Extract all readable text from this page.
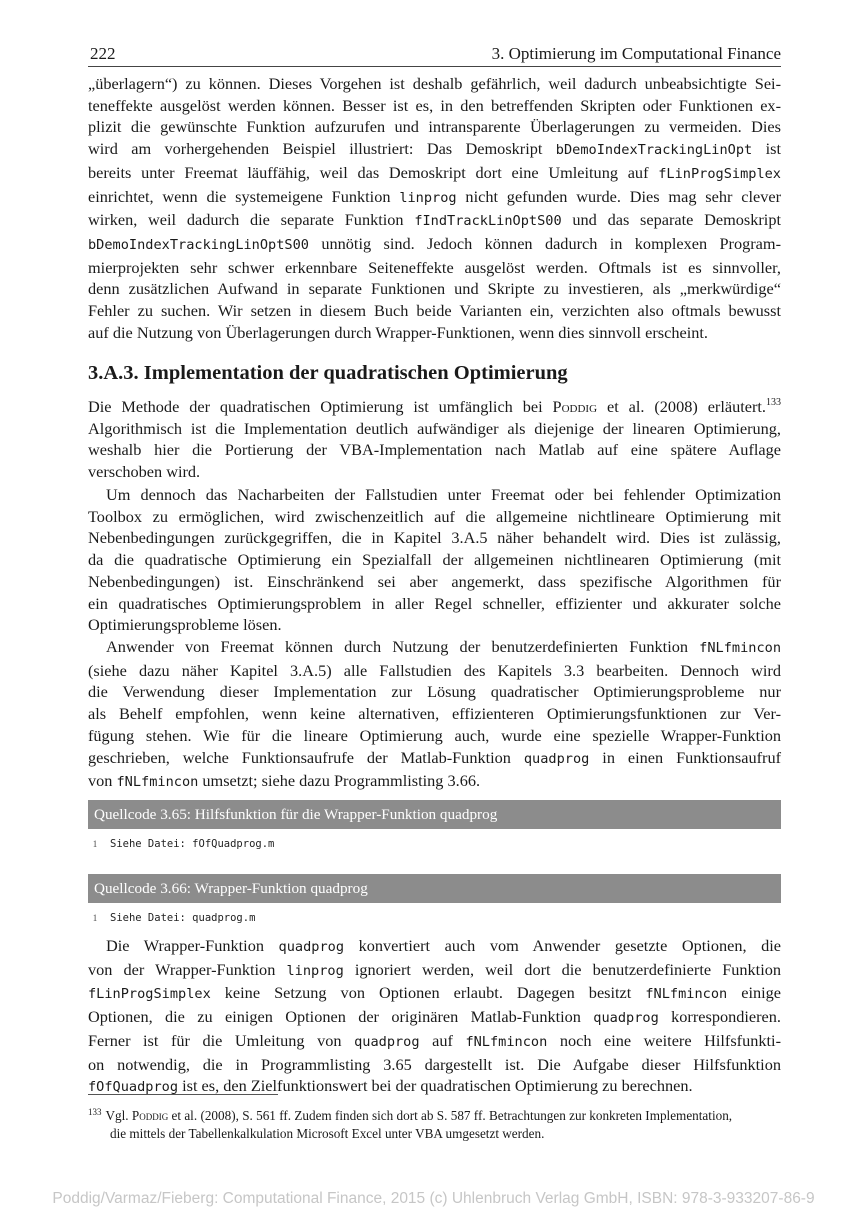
222	3. Optimierung im Computational Finance
„überlagern“) zu können. Dieses Vorgehen ist deshalb gefährlich, weil dadurch unbeabsichtigte Sei-
teneffekte ausgelöst werden können. Besser ist es, in den betreffenden Skripten oder Funktionen ex-
plizit die gewünschte Funktion aufzurufen und intransparente Überlagerungen zu vermeiden. Dies
wird am vorhergehenden Beispiel illustriert: Das Demoskript bDemoIndexTrackingLinOpt ist
bereits unter Freemat läuffähig, weil das Demoskript dort eine Umleitung auf fLinProgSimplex
einrichtet, wenn die systemeigene Funktion linprog nicht gefunden wurde. Dies mag sehr clever
wirken, weil dadurch die separate Funktion fIndTrackLinOptS00 und das separate Demoskript
bDemoIndexTrackingLinOptS00 unnötig sind. Jedoch können dadurch in komplexen Program-
mierprojekten sehr schwer erkennbare Seiteneffekte ausgelöst werden. Oftmals ist es sinnvoller,
denn zusätzlichen Aufwand in separate Funktionen und Skripte zu investieren, als „merkwürdige“
Fehler zu suchen. Wir setzen in diesem Buch beide Varianten ein, verzichten also oftmals bewusst
auf die Nutzung von Überlagerungen durch Wrapper-Funktionen, wenn dies sinnvoll erscheint.
3.A.3. Implementation der quadratischen Optimierung
Die Methode der quadratischen Optimierung ist umfänglich bei Poddig et al. (2008) erläutert.$^{133}$
Algorithmisch ist die Implementation deutlich aufwändiger als diejenige der linearen Optimierung,
weshalb hier die Portierung der VBA-Implementation nach Matlab auf eine spätere Auflage
verschoben wird.
Um dennoch das Nacharbeiten der Fallstudien unter Freemat oder bei fehlender Optimization
Toolbox zu ermöglichen, wird zwischenzeitlich auf die allgemeine nichtlineare Optimierung mit
Nebenbedingungen zurückgegriffen, die in Kapitel 3.A.5 näher behandelt wird. Dies ist zulässig,
da die quadratische Optimierung ein Spezialfall der allgemeinen nichtlinearen Optimierung (mit
Nebenbedingungen) ist. Einschränkend sei aber angemerkt, dass spezifische Algorithmen für
ein quadratisches Optimierungsproblem in aller Regel schneller, effizienter und akkurater solche
Optimierungsprobleme lösen.
Anwender von Freemat können durch Nutzung der benutzerdefinierten Funktion fNLfmincon
(siehe dazu näher Kapitel 3.A.5) alle Fallstudien des Kapitels 3.3 bearbeiten. Dennoch wird
die Verwendung dieser Implementation zur Lösung quadratischer Optimierungsprobleme nur
als Behelf empfohlen, wenn keine alternativen, effizienteren Optimierungsfunktionen zur Ver-
fügung stehen. Wie für die lineare Optimierung auch, wurde eine spezielle Wrapper-Funktion
geschrieben, welche Funktionsaufrufe der Matlab-Funktion quadprog in einen Funktionsaufruf
von fNLfmincon umsetzt; siehe dazu Programmlisting 3.66.
Quellcode 3.65: Hilfsfunktion für die Wrapper-Funktion quadprog
1 Siehe Datei: fOfQuadprog.m
Quellcode 3.66: Wrapper-Funktion quadprog
1 Siehe Datei: quadprog.m
Die Wrapper-Funktion quadprog konvertiert auch vom Anwender gesetzte Optionen, die
von der Wrapper-Funktion linprog ignoriert werden, weil dort die benutzerdefinierte Funktion
fLinProgSimplex keine Setzung von Optionen erlaubt. Dagegen besitzt fNLfmincon einige
Optionen, die zu einigen Optionen der originären Matlab-Funktion quadprog korrespondieren.
Ferner ist für die Umleitung von quadprog auf fNLfmincon noch eine weitere Hilfsfunkti-
on notwendig, die in Programmlisting 3.65 dargestellt ist. Die Aufgabe dieser Hilfsfunktion
fOfQuadprog ist es, den Zielfunktionswert bei der quadratischen Optimierung zu berechnen.
$^{133}$ Vgl. Poddig et al. (2008), S. 561 ff. Zudem finden sich dort ab S. 587 ff. Betrachtungen zur konkreten Implementation,
die mittels der Tabellenkalkulation Microsoft Excel unter VBA umgesetzt werden.
Poddig/Varmaz/Fieberg: Computational Finance, 2015 (c) Uhlenbruch Verlag GmbH, ISBN: 978-3-933207-86-9
